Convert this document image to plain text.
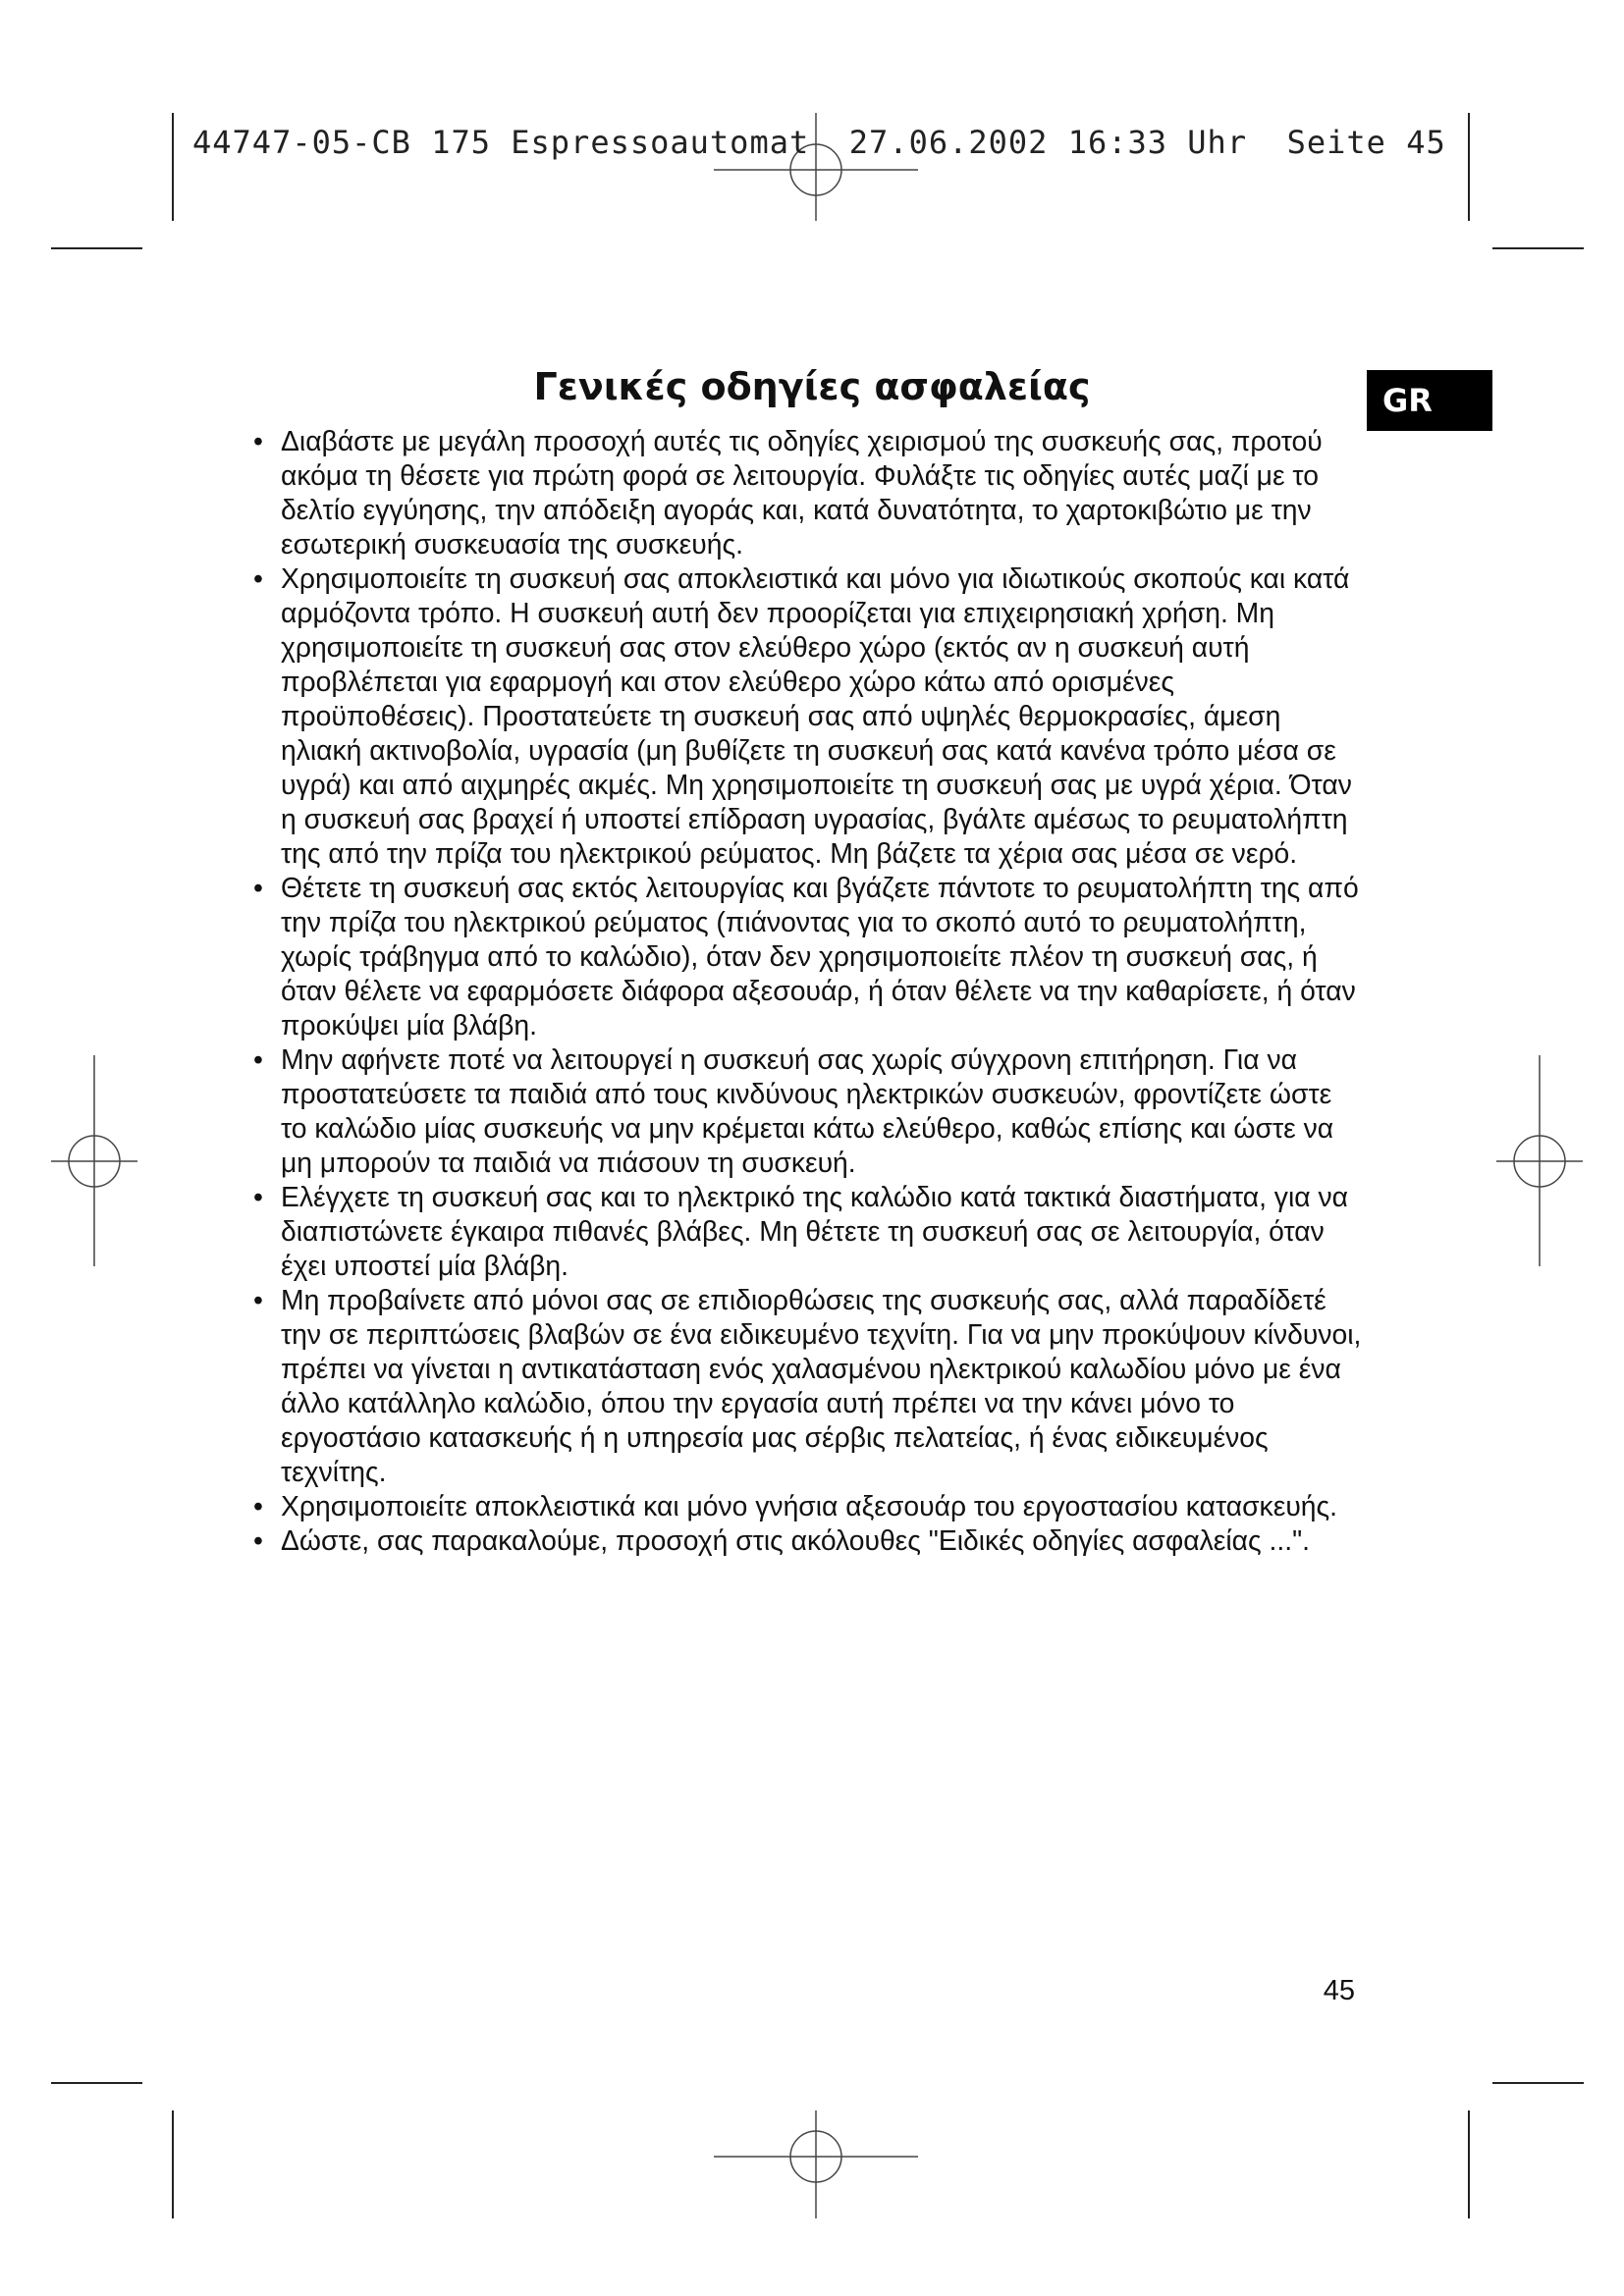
44747-05-CB 175 Espressoautomat  27.06.2002 16:33 Uhr  Seite 45
GR
Γενικές οδηγίες ασφαλείας
• Διαβάστε με μεγάλη προσοχή αυτές τις οδηγίες χειρισμού της συσκευής σας, προτού ακόμα τη θέσετε για πρώτη φορά σε λειτουργία. Φυλάξτε τις οδηγίες αυτές μαζί με το δελτίο εγγύησης, την απόδειξη αγοράς και, κατά δυνατότητα, το χαρτοκιβώτιο με την εσωτερική συσκευασία της συσκευής.
• Χρησιμοποιείτε τη συσκευή σας αποκλειστικά και μόνο για ιδιωτικούς σκοπούς και κατά αρμόζοντα τρόπο. Η συσκευή αυτή δεν προορίζεται για επιχειρησιακή χρήση. Μη χρησιμοποιείτε τη συσκευή σας στον ελεύθερο χώρο (εκτός αν η συσκευή αυτή προβλέπεται για εφαρμογή και στον ελεύθερο χώρο κάτω από ορισμένες προϋποθέσεις). Προστατεύετε τη συσκευή σας από υψηλές θερμοκρασίες, άμεση ηλιακή ακτινοβολία, υγρασία (μη βυθίζετε τη συσκευή σας κατά κανένα τρόπο μέσα σε υγρά) και από αιχμηρές ακμές. Μη χρησιμοποιείτε τη συσκευή σας με υγρά χέρια. Όταν η συσκευή σας βραχεί ή υποστεί επίδραση υγρασίας, βγάλτε αμέσως το ρευματολήπτη της από την πρίζα του ηλεκτρικού ρεύματος. Μη βάζετε τα χέρια σας μέσα σε νερό.
• Θέτετε τη συσκευή σας εκτός λειτουργίας και βγάζετε πάντοτε το ρευματολήπτη της από την πρίζα του ηλεκτρικού ρεύματος (πιάνοντας για το σκοπό αυτό το ρευματολήπτη, χωρίς τράβηγμα από το καλώδιο), όταν δεν χρησιμοποιείτε πλέον τη συσκευή σας, ή όταν θέλετε να εφαρμόσετε διάφορα αξεσουάρ, ή όταν θέλετε να την καθαρίσετε, ή όταν προκύψει μία βλάβη.
• Μην αφήνετε ποτέ να λειτουργεί η συσκευή σας χωρίς σύγχρονη επιτήρηση. Για να προστατεύσετε τα παιδιά από τους κινδύνους ηλεκτρικών συσκευών, φροντίζετε ώστε το καλώδιο μίας συσκευής να μην κρέμεται κάτω ελεύθερο, καθώς επίσης και ώστε να μη μπορούν τα παιδιά να πιάσουν τη συσκευή.
• Ελέγχετε τη συσκευή σας και το ηλεκτρικό της καλώδιο κατά τακτικά διαστήματα, για να διαπιστώνετε έγκαιρα πιθανές βλάβες. Μη θέτετε τη συσκευή σας σε λειτουργία, όταν έχει υποστεί μία βλάβη.
• Μη προβαίνετε από μόνοι σας σε επιδιορθώσεις της συσκευής σας, αλλά παραδίδετέ την σε περιπτώσεις βλαβών σε ένα ειδικευμένο τεχνίτη. Για να μην προκύψουν κίνδυνοι, πρέπει να γίνεται η αντικατάσταση ενός χαλασμένου ηλεκτρικού καλωδίου μόνο με ένα άλλο κατάλληλο καλώδιο, όπου την εργασία αυτή πρέπει να την κάνει μόνο το εργοστάσιο κατασκευής ή η υπηρεσία μας σέρβις πελατείας, ή ένας ειδικευμένος τεχνίτης.
• Χρησιμοποιείτε αποκλειστικά και μόνο γνήσια αξεσουάρ του εργοστασίου κατασκευής.
• Δώστε, σας παρακαλούμε, προσοχή στις ακόλουθες "Ειδικές οδηγίες ασφαλείας ...".
45
